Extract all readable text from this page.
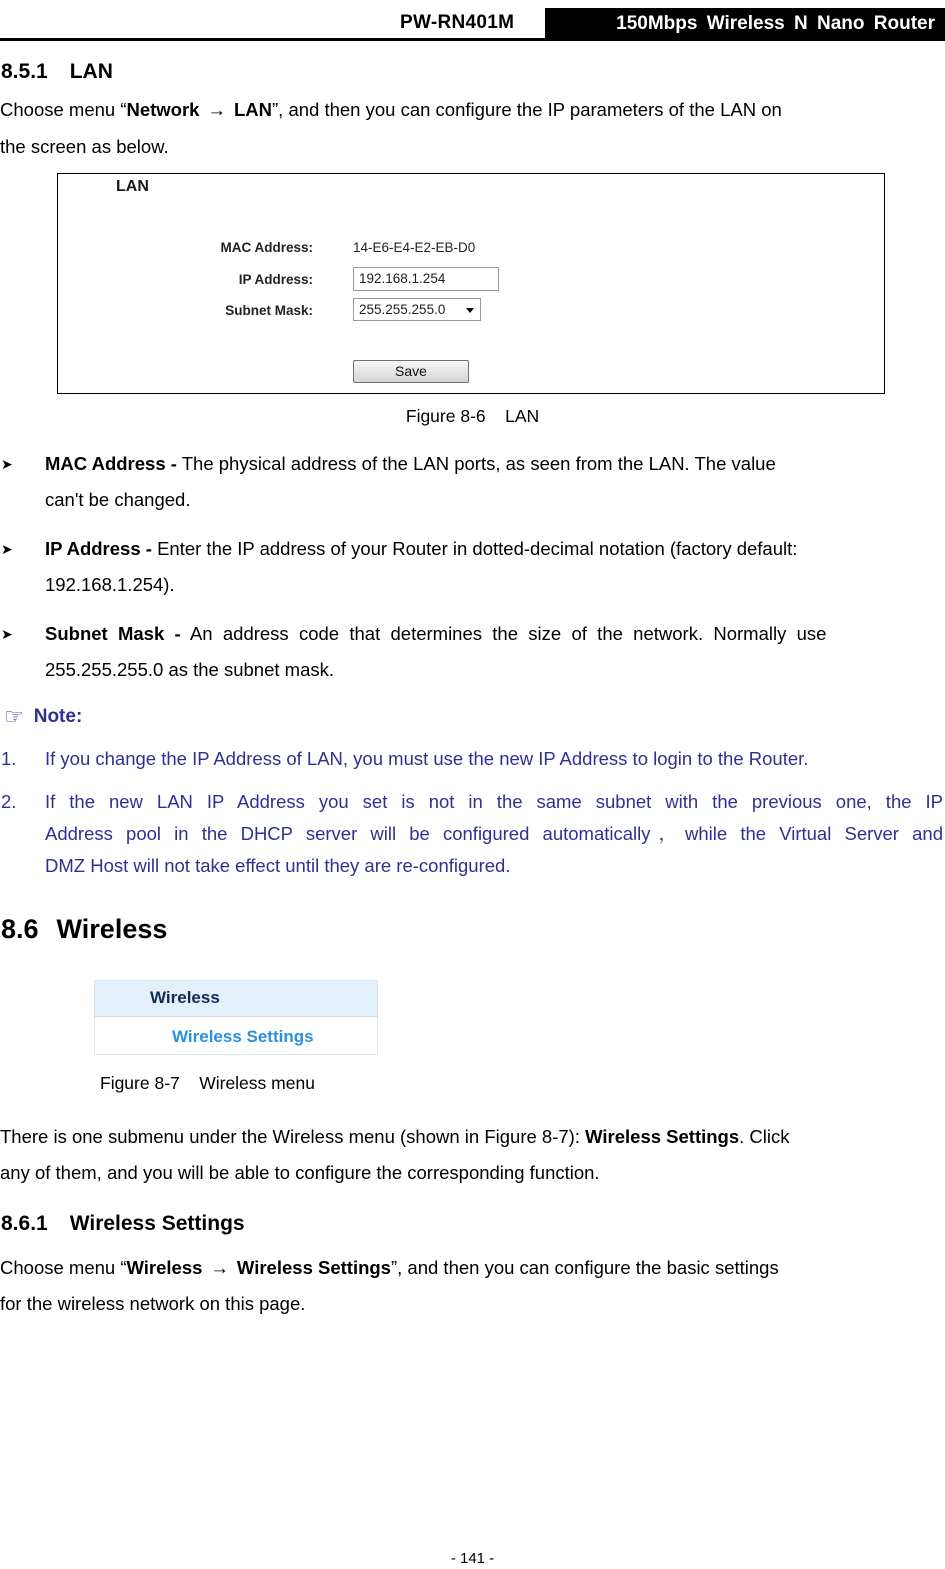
PW-RN401M	150Mbps Wireless N Nano Router
8.5.1 LAN
Choose menu “Network → LAN”, and then you can configure the IP parameters of the LAN on
the screen as below.
LAN
MAC Address:	14-E6-E4-E2-EB-D0
IP Address:	192.168.1.254
Subnet Mask:	255.255.255.0
Save
Figure 8-6    LAN
➤ MAC Address - The physical address of the LAN ports, as seen from the LAN. The value
can't be changed.
➤ IP Address - Enter the IP address of your Router in dotted-decimal notation (factory default:
192.168.1.254).
➤ Subnet  Mask  -  An  address  code  that  determines  the  size  of  the  network.  Normally  use
255.255.255.0 as the subnet mask.
☞ Note:
1. If you change the IP Address of LAN, you must use the new IP Address to login to the Router.
2. If the new LAN IP Address you set is not in the same subnet with the previous one, the IP
Address pool in the DHCP server will be configured automatically，while the Virtual Server and
DMZ Host will not take effect until they are re-configured.
8.6 Wireless
Wireless
Wireless Settings
Figure 8-7    Wireless menu
There is one submenu under the Wireless menu (shown in Figure 8-7): Wireless Settings. Click
any of them, and you will be able to configure the corresponding function.
8.6.1 Wireless Settings
Choose menu “Wireless → Wireless Settings”, and then you can configure the basic settings
for the wireless network on this page.
- 141 -
